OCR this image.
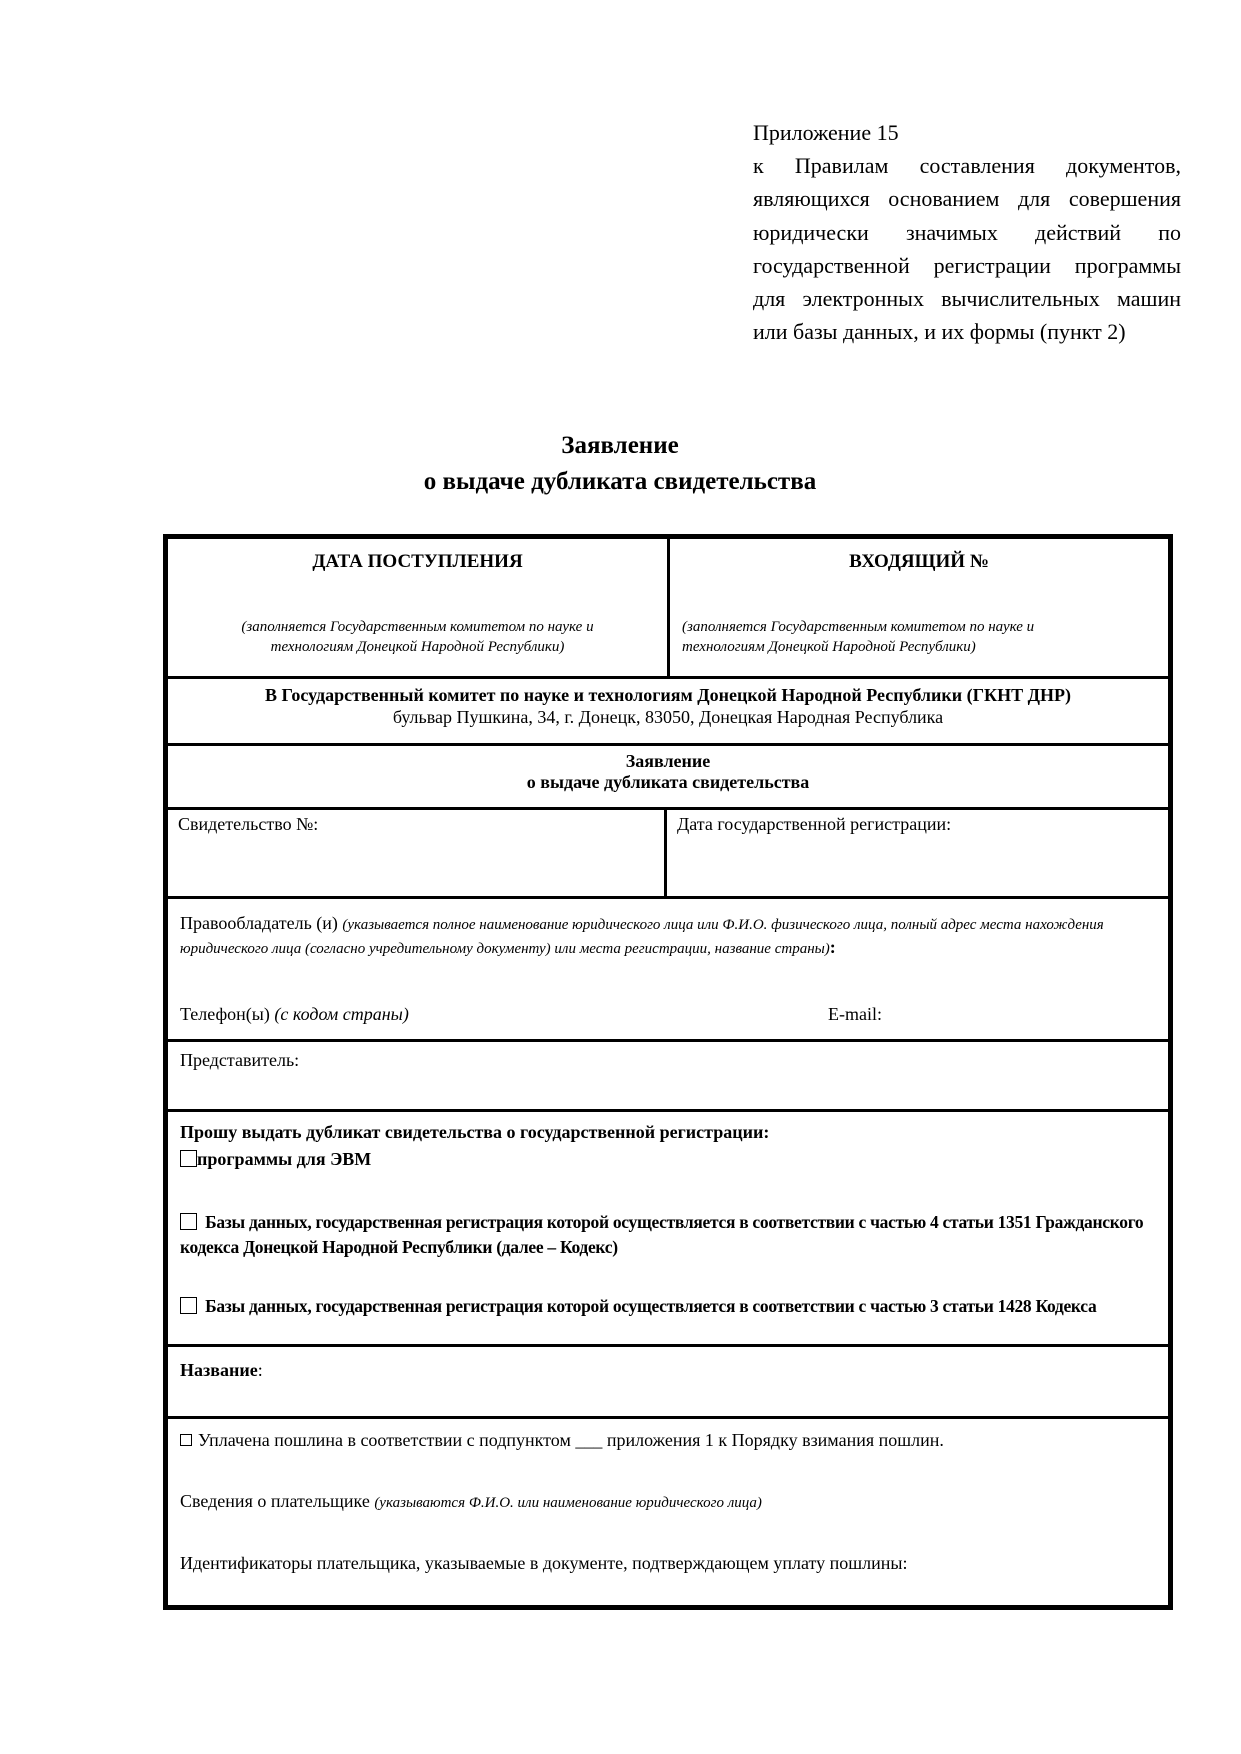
Приложение 15
к Правилам составления документов, являющихся основанием для совершения юридически значимых действий по государственной регистрации программы для электронных вычислительных машин или базы данных, и их формы (пункт 2)
Заявление
о выдаче дубликата свидетельства
ДАТА ПОСТУПЛЕНИЯ
(заполняется Государственным комитетом по науке и технологиям Донецкой Народной Республики)
ВХОДЯЩИЙ №
(заполняется Государственным комитетом по науке и технологиям Донецкой Народной Республики)
В Государственный комитет по науке и технологиям Донецкой Народной Республики (ГКНТ ДНР)
бульвар Пушкина, 34, г. Донецк, 83050, Донецкая Народная Республика
Заявление
о выдаче дубликата свидетельства
Свидетельство №:	Дата государственной регистрации:
Правообладатель (и) (указывается полное наименование юридического лица или Ф.И.О. физического лица, полный адрес места нахождения юридического лица (согласно учредительному документу) или места регистрации, название страны):
Телефон(ы) (с кодом страны)	E-mail:
Представитель:
Прошу выдать дубликат свидетельства о государственной регистрации:
программы для ЭВМ
Базы данных, государственная регистрация которой осуществляется в соответствии с частью 4 статьи 1351 Гражданского кодекса Донецкой Народной Республики (далее – Кодекс)
Базы данных, государственная регистрация которой осуществляется в соответствии с частью 3 статьи 1428 Кодекса
Название:
Уплачена пошлина в соответствии с подпунктом ___ приложения 1 к Порядку взимания пошлин.
Сведения о плательщике (указываются Ф.И.О. или наименование юридического лица)
Идентификаторы плательщика, указываемые в документе, подтверждающем уплату пошлины:
